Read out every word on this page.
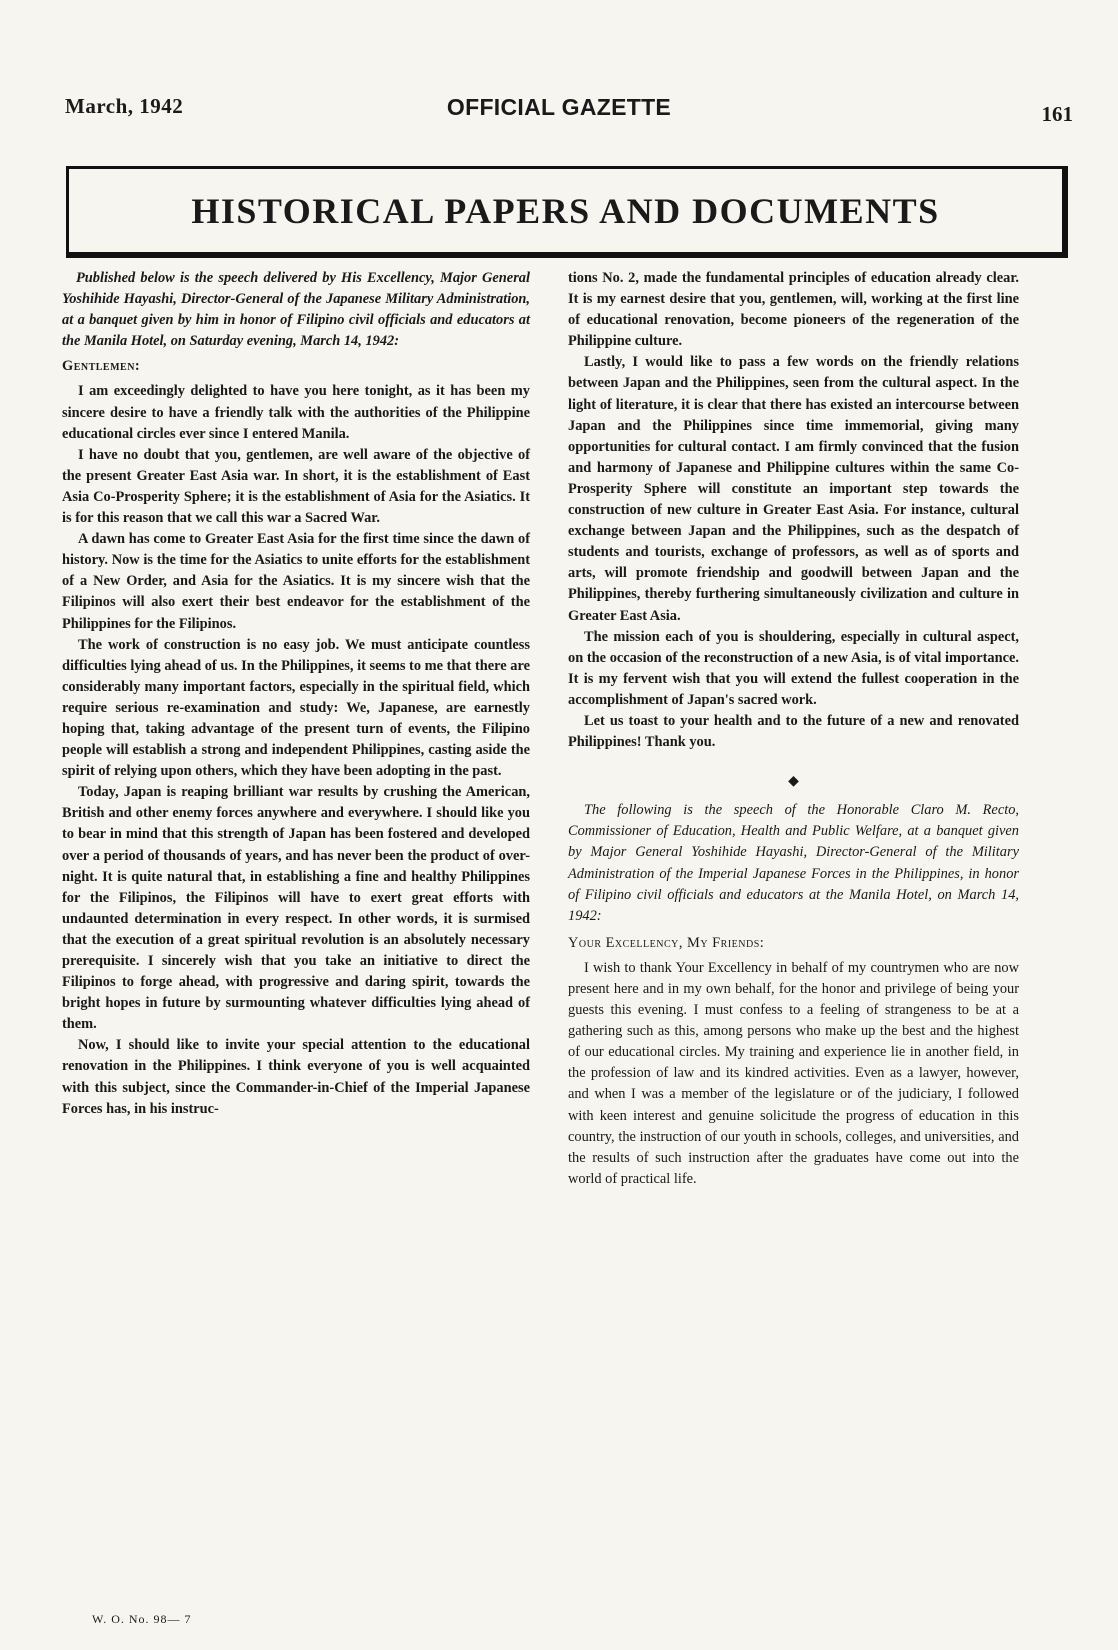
March, 1942	OFFICIAL GAZETTE	161
HISTORICAL PAPERS AND DOCUMENTS

Published below is the speech delivered by His Excellency, Major General Yoshihide Hayashi, Director-General of the Japanese Military Administration, at a banquet given by him in honor of Filipino civil officials and educators at the Manila Hotel, on Saturday evening, March 14, 1942:

Gentlemen:

I am exceedingly delighted to have you here tonight, as it has been my sincere desire to have a friendly talk with the authorities of the Philippine educational circles ever since I entered Manila.

I have no doubt that you, gentlemen, are well aware of the objective of the present Greater East Asia war. In short, it is the establishment of East Asia Co-Prosperity Sphere; it is the establishment of Asia for the Asiatics. It is for this reason that we call this war a Sacred War.

A dawn has come to Greater East Asia for the first time since the dawn of history. Now is the time for the Asiatics to unite efforts for the establishment of a New Order, and Asia for the Asiatics. It is my sincere wish that the Filipinos will also exert their best endeavor for the establishment of the Philippines for the Filipinos.

The work of construction is no easy job. We must anticipate countless difficulties lying ahead of us. In the Philippines, it seems to me that there are considerably many important factors, especially in the spiritual field, which require serious re-examination and study: We, Japanese, are earnestly hoping that, taking advantage of the present turn of events, the Filipino people will establish a strong and independent Philippines, casting aside the spirit of relying upon others, which they have been adopting in the past.

Today, Japan is reaping brilliant war results by crushing the American, British and other enemy forces anywhere and everywhere. I should like you to bear in mind that this strength of Japan has been fostered and developed over a period of thousands of years, and has never been the product of over-night. It is quite natural that, in establishing a fine and healthy Philippines for the Filipinos, the Filipinos will have to exert great efforts with undaunted determination in every respect. In other words, it is surmised that the execution of a great spiritual revolution is an absolutely necessary prerequisite. I sincerely wish that you take an initiative to direct the Filipinos to forge ahead, with progressive and daring spirit, towards the bright hopes in future by surmounting whatever difficulties lying ahead of them.

Now, I should like to invite your special attention to the educational renovation in the Philippines. I think everyone of you is well acquainted with this subject, since the Commander-in-Chief of the Imperial Japanese Forces has, in his instruc-

tions No. 2, made the fundamental principles of education already clear. It is my earnest desire that you, gentlemen, will, working at the first line of educational renovation, become pioneers of the regeneration of the Philippine culture.

Lastly, I would like to pass a few words on the friendly relations between Japan and the Philippines, seen from the cultural aspect. In the light of literature, it is clear that there has existed an intercourse between Japan and the Philippines since time immemorial, giving many opportunities for cultural contact. I am firmly convinced that the fusion and harmony of Japanese and Philippine cultures within the same Co-Prosperity Sphere will constitute an important step towards the construction of new culture in Greater East Asia. For instance, cultural exchange between Japan and the Philippines, such as the despatch of students and tourists, exchange of professors, as well as of sports and arts, will promote friendship and goodwill between Japan and the Philippines, thereby furthering simultaneously civilization and culture in Greater East Asia.

The mission each of you is shouldering, especially in cultural aspect, on the occasion of the reconstruction of a new Asia, is of vital importance. It is my fervent wish that you will extend the fullest cooperation in the accomplishment of Japan's sacred work.

Let us toast to your health and to the future of a new and renovated Philippines! Thank you.

◆

The following is the speech of the Honorable Claro M. Recto, Commissioner of Education, Health and Public Welfare, at a banquet given by Major General Yoshihide Hayashi, Director-General of the Military Administration of the Imperial Japanese Forces in the Philippines, in honor of Filipino civil officials and educators at the Manila Hotel, on March 14, 1942:

Your Excellency, My Friends:

I wish to thank Your Excellency in behalf of my countrymen who are now present here and in my own behalf, for the honor and privilege of being your guests this evening. I must confess to a feeling of strangeness to be at a gathering such as this, among persons who make up the best and the highest of our educational circles. My training and experience lie in another field, in the profession of law and its kindred activities. Even as a lawyer, however, and when I was a member of the legislature or of the judiciary, I followed with keen interest and genuine solicitude the progress of education in this country, the instruction of our youth in schools, colleges, and universities, and the results of such instruction after the graduates have come out into the world of practical life.

W. O. No. 98— 7
